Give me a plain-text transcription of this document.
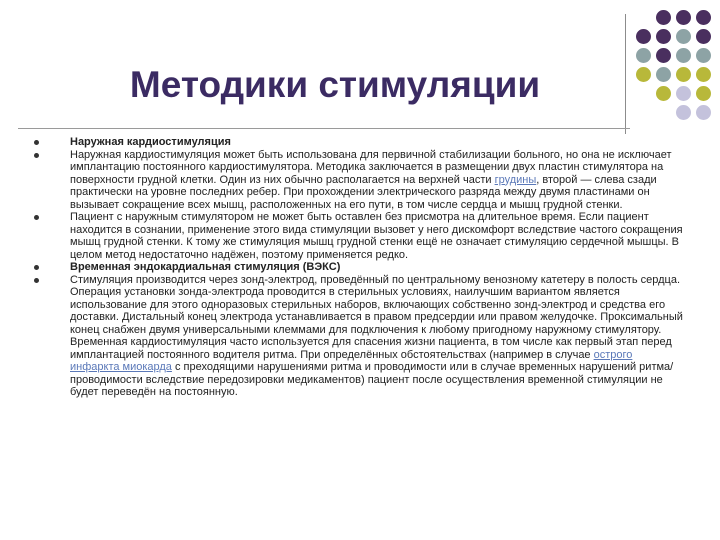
Методики стимуляции
Наружная кардиостимуляция
Наружная кардиостимуляция может быть использована для первичной стабилизации больного, но она не исключает имплантацию постоянного кардиостимулятора. Методика заключается в размещении двух пластин стимулятора на поверхности грудной клетки. Один из них обычно располагается на верхней части грудины, второй — слева сзади практически на уровне последних ребер. При прохождении электрического разряда между двумя пластинами он вызывает сокращение всех мышц, расположенных на его пути, в том числе сердца и мышц грудной стенки.
Пациент с наружным стимулятором не может быть оставлен без присмотра на длительное время. Если пациент находится в сознании, применение этого вида стимуляции вызовет у него дискомфорт вследствие частого сокращения мышц грудной стенки. К тому же стимуляция мышц грудной стенки ещё не означает стимуляцию сердечной мышцы. В целом метод недостаточно надёжен, поэтому применяется редко.
Временная эндокардиальная стимуляция (ВЭКС)
Стимуляция производится через зонд-электрод, проведённый по центральному венозному катетеру в полость сердца. Операция установки зонда-электрода проводится в стерильных условиях, наилучшим вариантом является использование для этого одноразовых стерильных наборов, включающих собственно зонд-электрод и средства его доставки. Дистальный конец электрода устанавливается в правом предсердии или правом желудочке. Проксимальный конец снабжен двумя универсальными клеммами для подключения к любому пригодному наружному стимулятору. Временная кардиостимуляция часто используется для спасения жизни пациента, в том числе как первый этап перед имплантацией постоянного водителя ритма. При определённых обстоятельствах (например в случае острого инфаркта миокарда с преходящими нарушениями ритма и проводимости или в случае временных нарушений ритма/проводимости вследствие передозировки медикаментов) пациент после осуществления временной стимуляции не будет переведён на постоянную.
